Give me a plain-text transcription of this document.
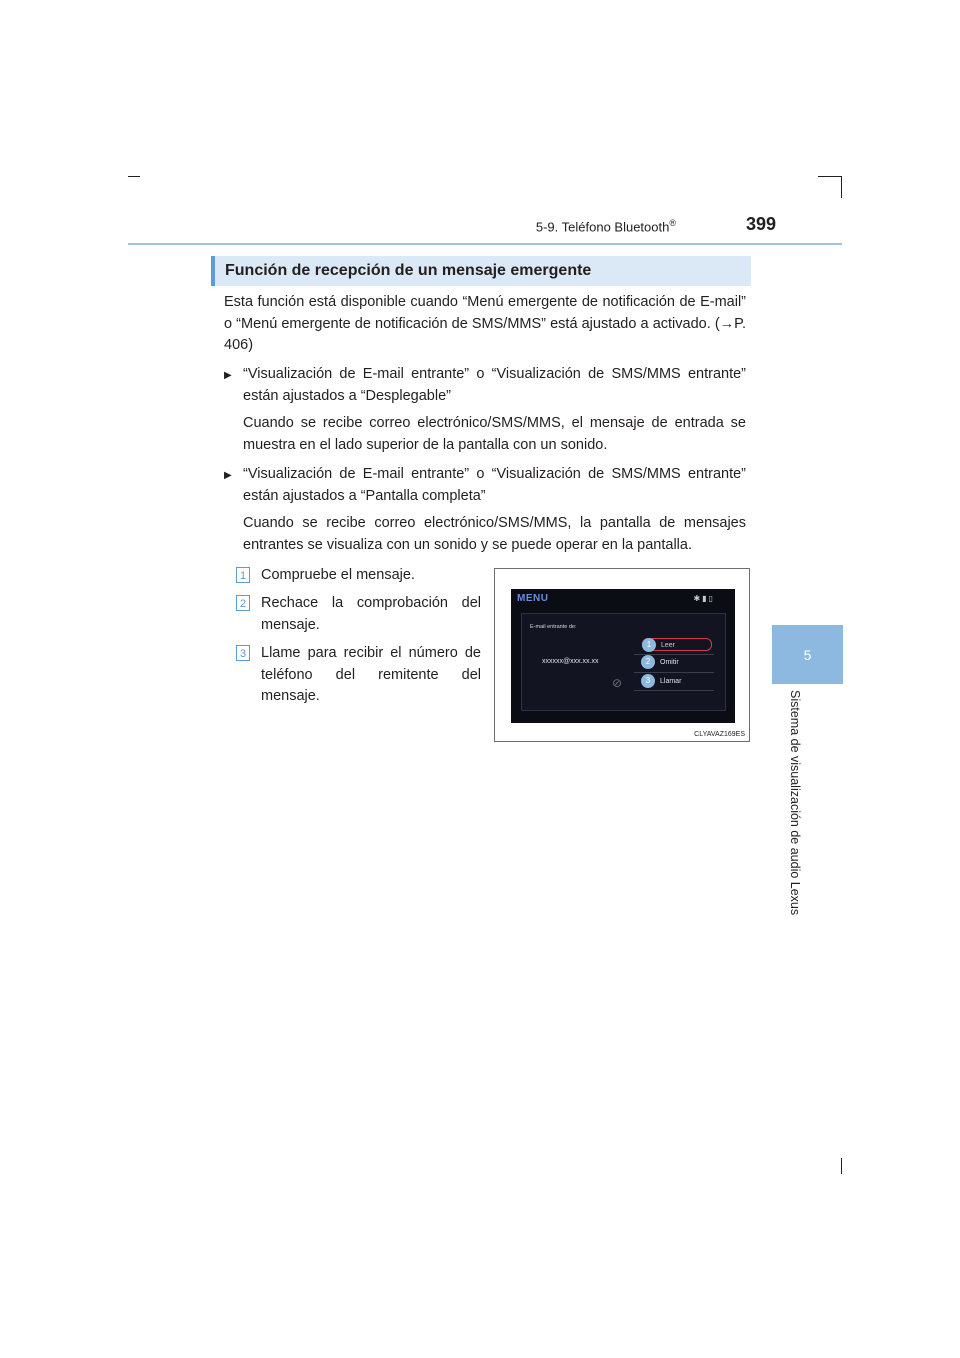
5-9. Teléfono Bluetooth®	399
5
Sistema de visualización de audio Lexus
Función de recepción de un mensaje emergente
Esta función está disponible cuando “Menú emergente de notificación de E-mail” o “Menú emergente de notificación de SMS/MMS” está ajustado a activado. (→P. 406)
▶ “Visualización de E-mail entrante” o “Visualización de SMS/MMS entrante” están ajustados a “Desplegable”
Cuando se recibe correo electrónico/SMS/MMS, el mensaje de entrada se muestra en el lado superior de la pantalla con un sonido.
▶ “Visualización de E-mail entrante” o “Visualización de SMS/MMS entrante” están ajustados a “Pantalla completa”
Cuando se recibe correo electrónico/SMS/MMS, la pantalla de mensajes entrantes se visualiza con un sonido y se puede operar en la pantalla.
1 Compruebe el mensaje.
2 Rechace la comprobación del mensaje.
3 Llame para recibir el número de teléfono del remitente del mensaje.
MENU	✱▮▯
E-mail entrante de:
xxxxxx@xxx.xx.xx
⊘
1	Leer
2	Omitir
3	Llamar
CLYAVAZ169ES
